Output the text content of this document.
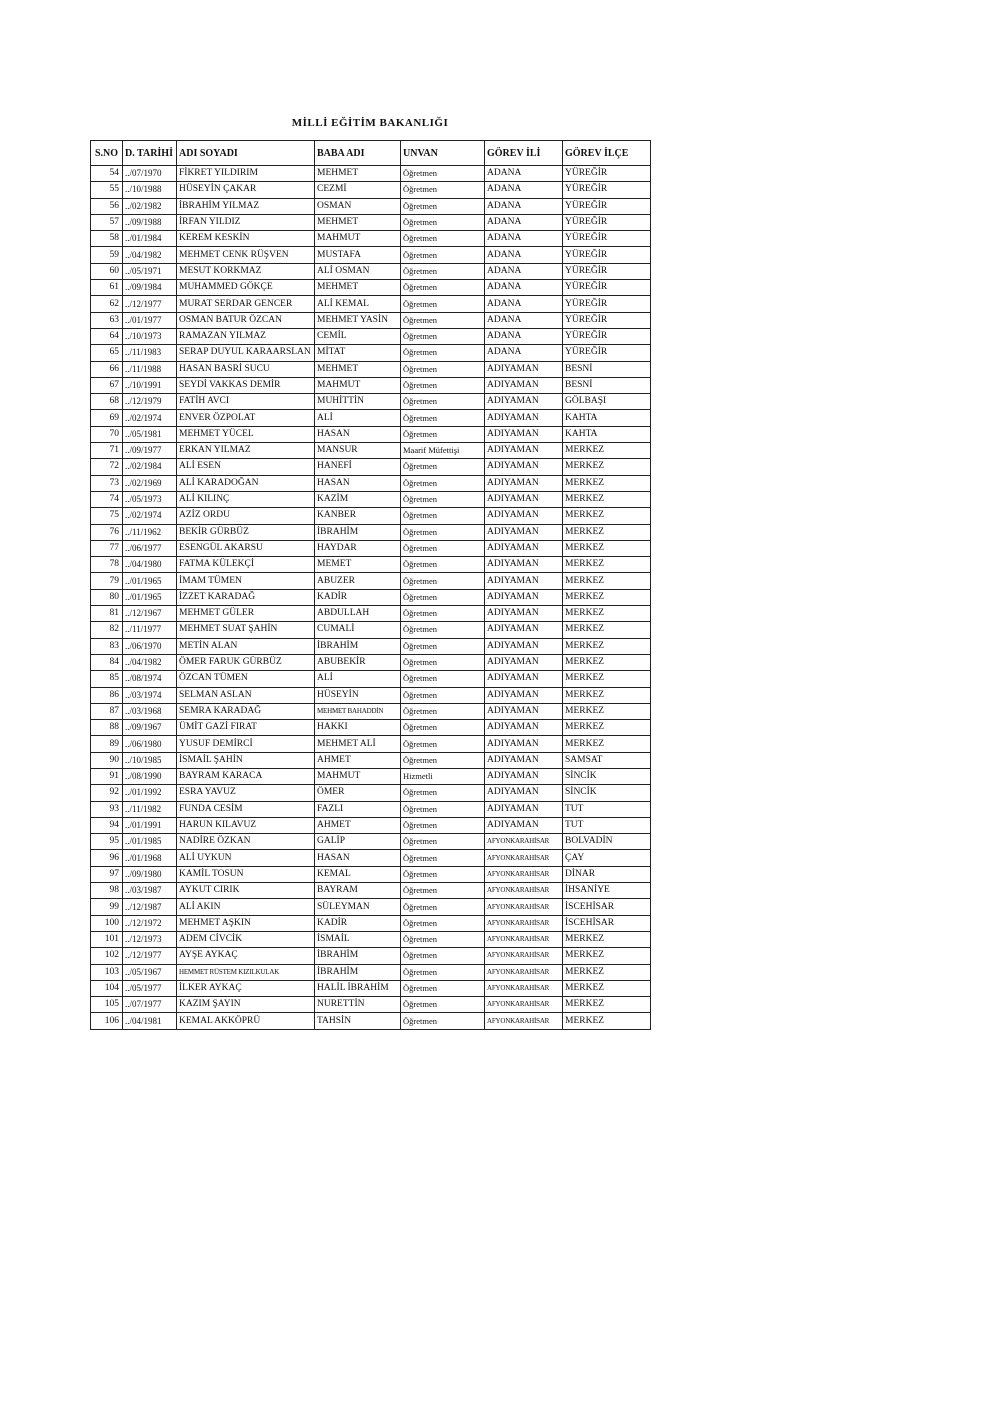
MİLLİ EĞİTİM BAKANLIĞI
S.NO	D. TARİHİ	ADI SOYADI	BABA ADI	UNVAN	GÖREV İLİ	GÖREV İLÇE
54	../07/1970	FİKRET YILDIRIM	MEHMET	Öğretmen	ADANA	YÜREĞİR
55	../10/1988	HÜSEYİN ÇAKAR	CEZMİ	Öğretmen	ADANA	YÜREĞİR
56	../02/1982	İBRAHİM YILMAZ	OSMAN	Öğretmen	ADANA	YÜREĞİR
57	../09/1988	İRFAN YILDIZ	MEHMET	Öğretmen	ADANA	YÜREĞİR
58	../01/1984	KEREM KESKİN	MAHMUT	Öğretmen	ADANA	YÜREĞİR
59	../04/1982	MEHMET CENK RÜŞVEN	MUSTAFA	Öğretmen	ADANA	YÜREĞİR
60	../05/1971	MESUT KORKMAZ	ALİ OSMAN	Öğretmen	ADANA	YÜREĞİR
61	../09/1984	MUHAMMED GÖKÇE	MEHMET	Öğretmen	ADANA	YÜREĞİR
62	../12/1977	MURAT SERDAR GENCER	ALİ KEMAL	Öğretmen	ADANA	YÜREĞİR
63	../01/1977	OSMAN BATUR ÖZCAN	MEHMET YASİN	Öğretmen	ADANA	YÜREĞİR
64	../10/1973	RAMAZAN YILMAZ	CEMİL	Öğretmen	ADANA	YÜREĞİR
65	../11/1983	SERAP DUYUL KARAARSLAN	MİTAT	Öğretmen	ADANA	YÜREĞİR
66	../11/1988	HASAN BASRİ SUCU	MEHMET	Öğretmen	ADIYAMAN	BESNİ
67	../10/1991	SEYDİ VAKKAS DEMİR	MAHMUT	Öğretmen	ADIYAMAN	BESNİ
68	../12/1979	FATİH AVCI	MUHİTTİN	Öğretmen	ADIYAMAN	GÖLBAŞI
69	../02/1974	ENVER ÖZPOLAT	ALİ	Öğretmen	ADIYAMAN	KAHTA
70	../05/1981	MEHMET YÜCEL	HASAN	Öğretmen	ADIYAMAN	KAHTA
71	../09/1977	ERKAN YILMAZ	MANSUR	Maarif Müfettişi	ADIYAMAN	MERKEZ
72	../02/1984	ALİ ESEN	HANEFİ	Öğretmen	ADIYAMAN	MERKEZ
73	../02/1969	ALİ KARADOĞAN	HASAN	Öğretmen	ADIYAMAN	MERKEZ
74	../05/1973	ALİ KILINÇ	KAZİM	Öğretmen	ADIYAMAN	MERKEZ
75	../02/1974	AZİZ ORDU	KANBER	Öğretmen	ADIYAMAN	MERKEZ
76	../11/1962	BEKİR GÜRBÜZ	İBRAHİM	Öğretmen	ADIYAMAN	MERKEZ
77	../06/1977	ESENGÜL AKARSU	HAYDAR	Öğretmen	ADIYAMAN	MERKEZ
78	../04/1980	FATMA KÜLEKÇİ	MEMET	Öğretmen	ADIYAMAN	MERKEZ
79	../01/1965	İMAM TÜMEN	ABUZER	Öğretmen	ADIYAMAN	MERKEZ
80	../01/1965	İZZET KARADAĞ	KADİR	Öğretmen	ADIYAMAN	MERKEZ
81	../12/1967	MEHMET GÜLER	ABDULLAH	Öğretmen	ADIYAMAN	MERKEZ
82	../11/1977	MEHMET SUAT ŞAHİN	CUMALİ	Öğretmen	ADIYAMAN	MERKEZ
83	../06/1970	METİN ALAN	İBRAHİM	Öğretmen	ADIYAMAN	MERKEZ
84	../04/1982	ÖMER FARUK GÜRBÜZ	ABUBEKİR	Öğretmen	ADIYAMAN	MERKEZ
85	../08/1974	ÖZCAN TÜMEN	ALİ	Öğretmen	ADIYAMAN	MERKEZ
86	../03/1974	SELMAN ASLAN	HÜSEYİN	Öğretmen	ADIYAMAN	MERKEZ
87	../03/1968	SEMRA KARADAĞ	MEHMET BAHADDİN	Öğretmen	ADIYAMAN	MERKEZ
88	../09/1967	ÜMİT GAZİ FIRAT	HAKKI	Öğretmen	ADIYAMAN	MERKEZ
89	../06/1980	YUSUF DEMİRCİ	MEHMET ALİ	Öğretmen	ADIYAMAN	MERKEZ
90	../10/1985	İSMAİL ŞAHİN	AHMET	Öğretmen	ADIYAMAN	SAMSAT
91	../08/1990	BAYRAM KARACA	MAHMUT	Hizmetli	ADIYAMAN	SİNCİK
92	../01/1992	ESRA YAVUZ	ÖMER	Öğretmen	ADIYAMAN	SİNCİK
93	../11/1982	FUNDA CESİM	FAZLI	Öğretmen	ADIYAMAN	TUT
94	../01/1991	HARUN KILAVUZ	AHMET	Öğretmen	ADIYAMAN	TUT
95	../01/1985	NADİRE ÖZKAN	GALİP	Öğretmen	AFYONKARAHİSAR	BOLVADİN
96	../01/1968	ALİ UYKUN	HASAN	Öğretmen	AFYONKARAHİSAR	ÇAY
97	../09/1980	KAMİL TOSUN	KEMAL	Öğretmen	AFYONKARAHİSAR	DİNAR
98	../03/1987	AYKUT CIRIK	BAYRAM	Öğretmen	AFYONKARAHİSAR	İHSANİYE
99	../12/1987	ALİ AKIN	SÜLEYMAN	Öğretmen	AFYONKARAHİSAR	İSCEHİSAR
100	../12/1972	MEHMET AŞKIN	KADİR	Öğretmen	AFYONKARAHİSAR	İSCEHİSAR
101	../12/1973	ADEM CİVCİK	İSMAİL	Öğretmen	AFYONKARAHİSAR	MERKEZ
102	../12/1977	AYŞE AYKAÇ	İBRAHİM	Öğretmen	AFYONKARAHİSAR	MERKEZ
103	../05/1967	HEMMET RÜSTEM KIZILKULAK	İBRAHİM	Öğretmen	AFYONKARAHİSAR	MERKEZ
104	../05/1977	İLKER AYKAÇ	HALİL İBRAHİM	Öğretmen	AFYONKARAHİSAR	MERKEZ
105	../07/1977	KAZIM ŞAYIN	NURETTİN	Öğretmen	AFYONKARAHİSAR	MERKEZ
106	../04/1981	KEMAL AKKÖPRÜ	TAHSİN	Öğretmen	AFYONKARAHİSAR	MERKEZ
